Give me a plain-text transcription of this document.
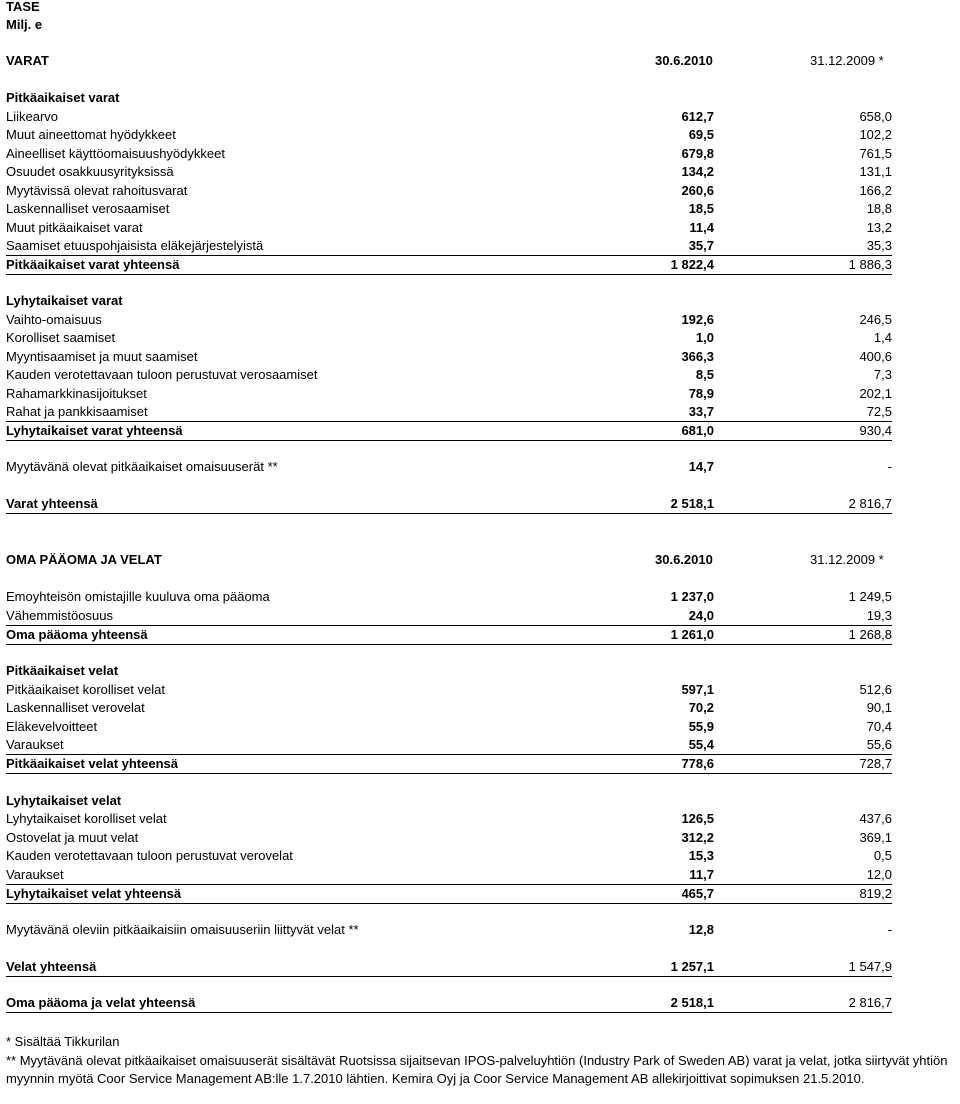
TASE
Milj. e
VARAT	30.6.2010	31.12.2009 *
Pitkäaikaiset varat
Liikearvo	612,7	658,0
Muut aineettomat hyödykkeet	69,5	102,2
Aineelliset käyttöomaisuushyödykkeet	679,8	761,5
Osuudet osakkuusyrityksissä	134,2	131,1
Myytävissä olevat rahoitusvarat	260,6	166,2
Laskennalliset verosaamiset	18,5	18,8
Muut pitkäaikaiset varat	11,4	13,2
Saamiset etuuspohjaisista eläkejärjestelyistä	35,7	35,3
Pitkäaikaiset varat yhteensä	1 822,4	1 886,3
Lyhytaikaiset varat
Vaihto-omaisuus	192,6	246,5
Korolliset saamiset	1,0	1,4
Myyntisaamiset ja muut saamiset	366,3	400,6
Kauden verotettavaan tuloon perustuvat verosaamiset	8,5	7,3
Rahamarkkinasijoitukset	78,9	202,1
Rahat ja pankkisaamiset	33,7	72,5
Lyhytaikaiset varat yhteensä	681,0	930,4
Myytävänä olevat pitkäaikaiset omaisuuserät **	14,7	-
Varat yhteensä	2 518,1	2 816,7
OMA PÄÄOMA JA VELAT	30.6.2010	31.12.2009 *
Emoyhteisön omistajille kuuluva oma pääoma	1 237,0	1 249,5
Vähemmistöosuus	24,0	19,3
Oma pääoma yhteensä	1 261,0	1 268,8
Pitkäaikaiset velat
Pitkäaikaiset korolliset velat	597,1	512,6
Laskennalliset verovelat	70,2	90,1
Eläkevelvoitteet	55,9	70,4
Varaukset	55,4	55,6
Pitkäaikaiset velat yhteensä	778,6	728,7
Lyhytaikaiset velat
Lyhytaikaiset korolliset velat	126,5	437,6
Ostovelat ja muut velat	312,2	369,1
Kauden verotettavaan tuloon perustuvat verovelat	15,3	0,5
Varaukset	11,7	12,0
Lyhytaikaiset velat yhteensä	465,7	819,2
Myytävänä oleviin pitkäaikaisiin omaisuuseriin liittyvät velat **	12,8	-
Velat yhteensä	1 257,1	1 547,9
Oma pääoma ja velat yhteensä	2 518,1	2 816,7
* Sisältää Tikkurilan
** Myytävänä olevat pitkäaikaiset omaisuuserät sisältävät Ruotsissa sijaitsevan IPOS-palveluyhtiön (Industry Park of Sweden AB) varat ja velat, jotka siirtyvät yhtiön myynnin myötä Coor Service Management AB:lle 1.7.2010 lähtien. Kemira Oyj ja Coor Service Management AB allekirjoittivat sopimuksen 21.5.2010.
